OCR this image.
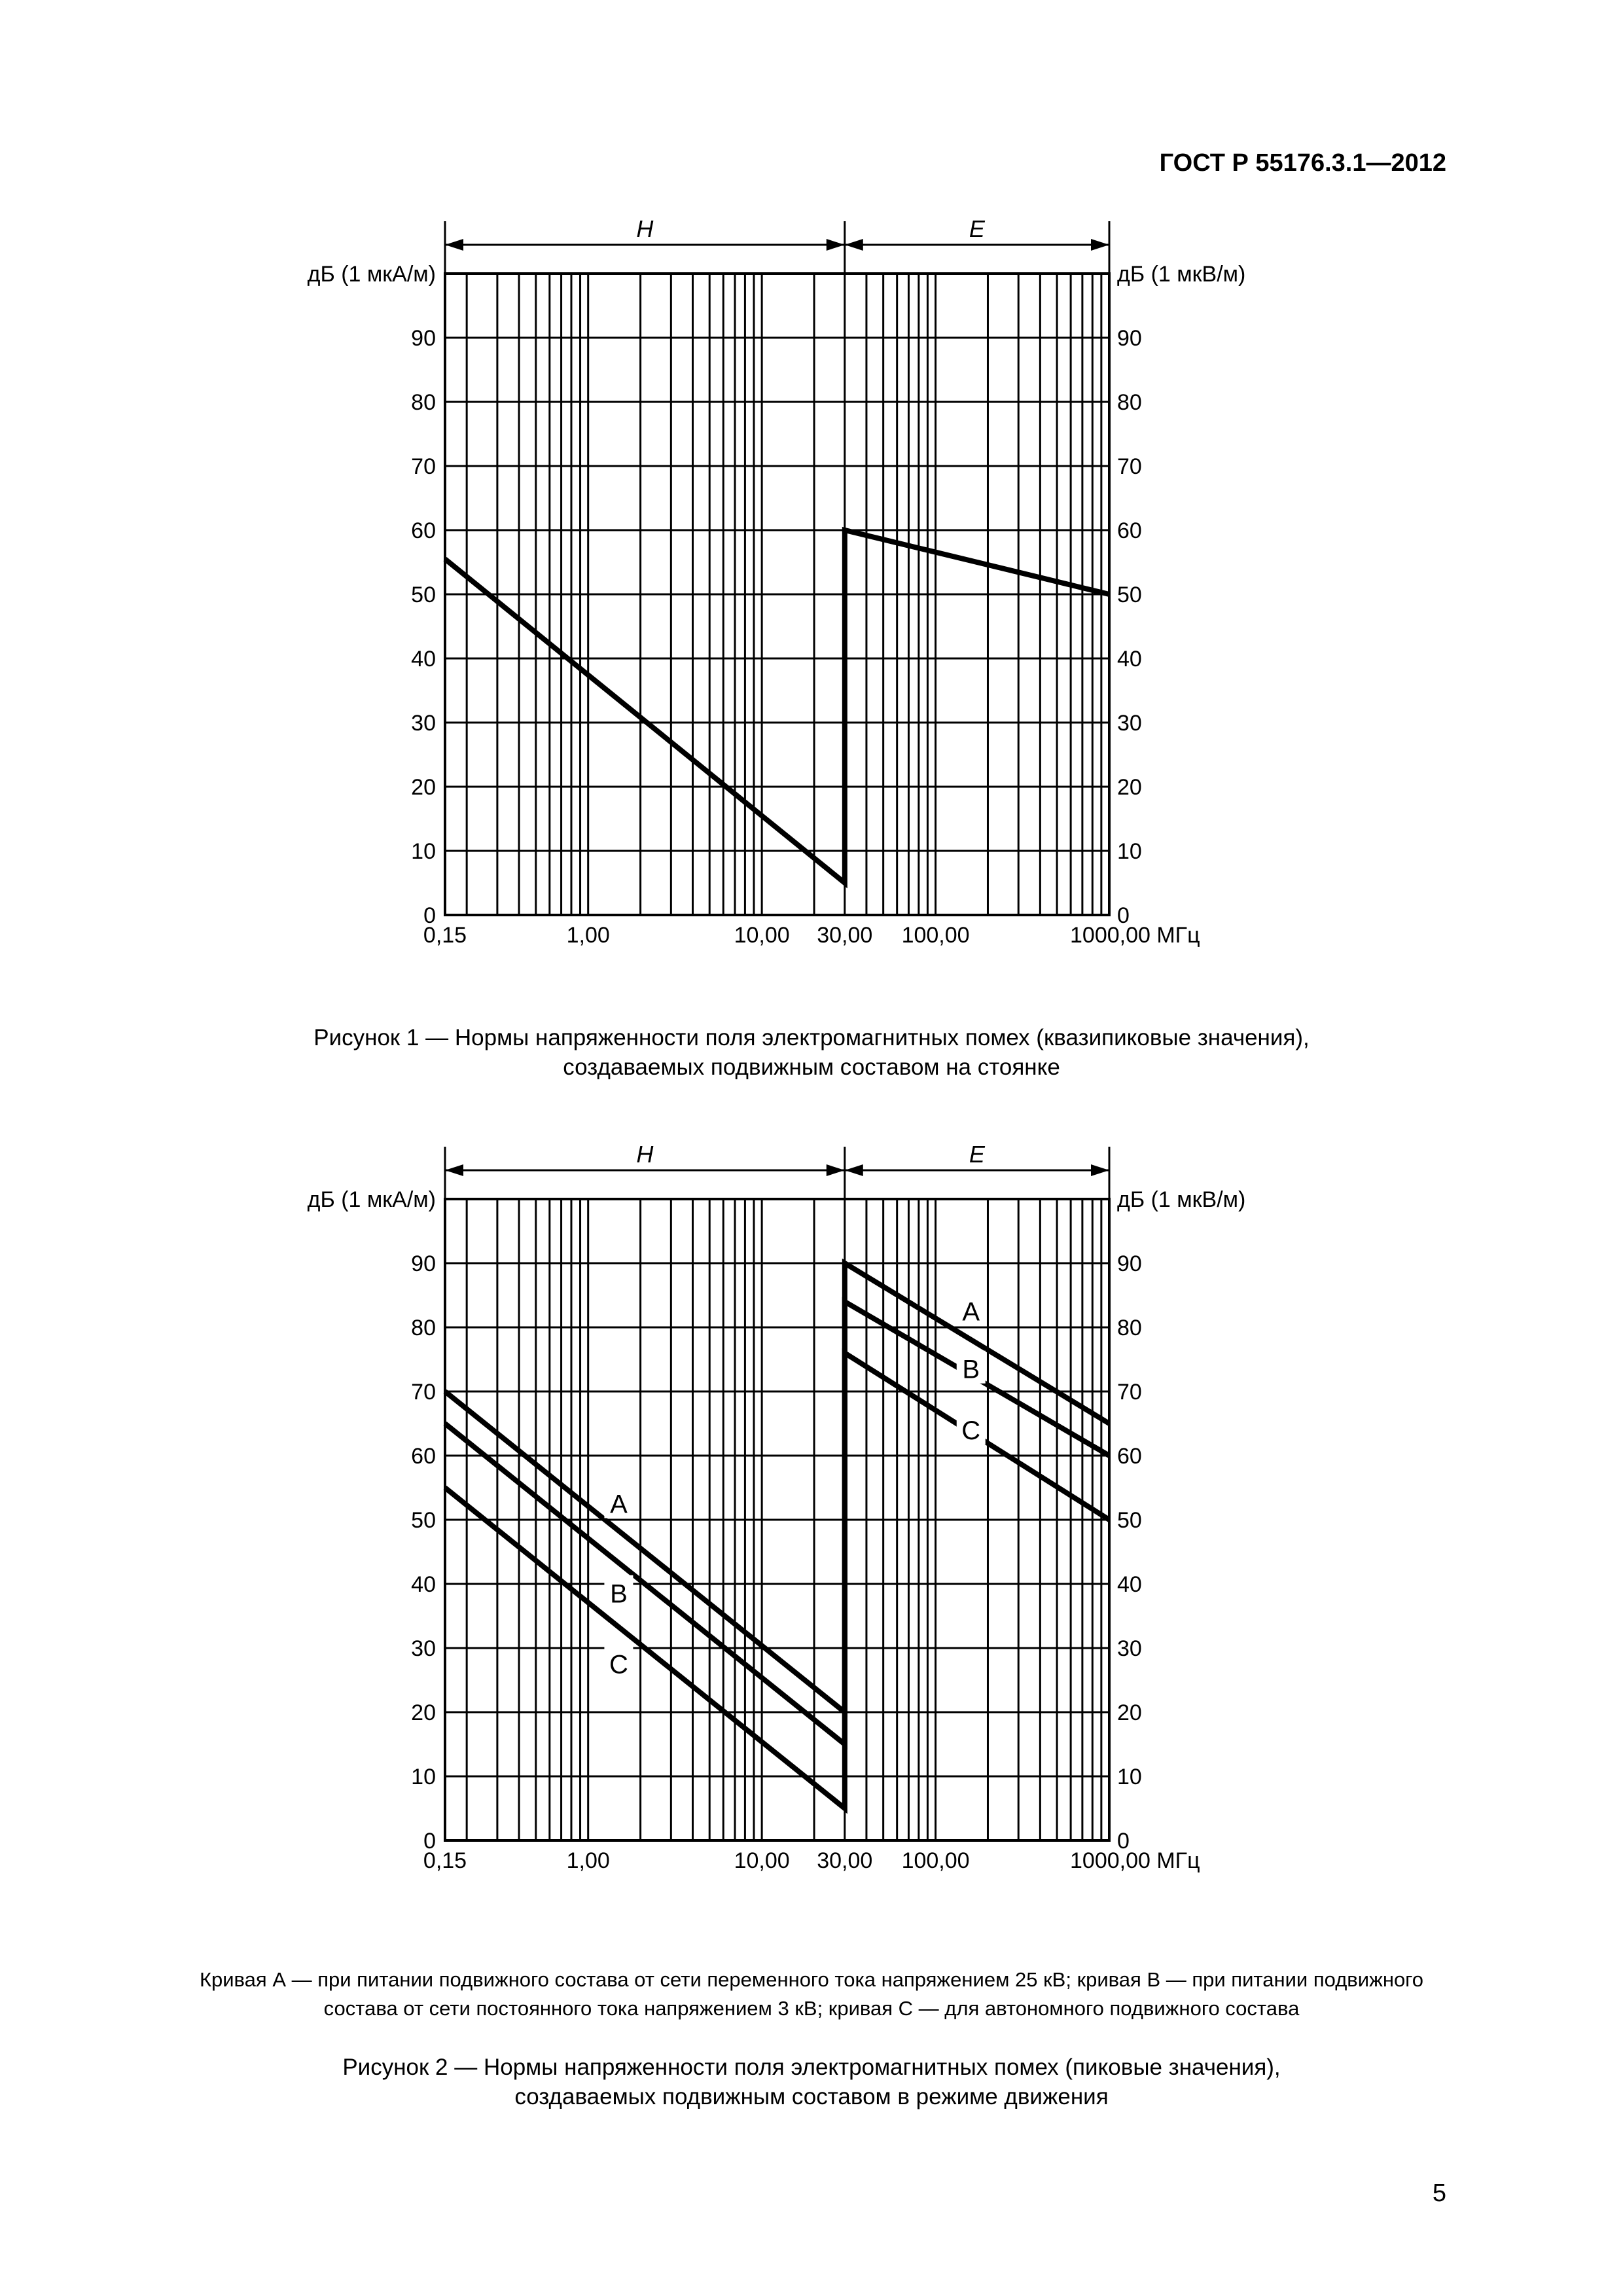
ГОСТ Р 55176.3.1—2012
H	E
дБ (1 мкА/м)	дБ (1 мкВ/м)
0	0
10	10
20	20
30	30
40	40
50	50
60	60
70	70
80	80
90	90
0,15	1,00	10,00 30,00 100,00	1000,00 МГц
Рисунок 1 — Нормы напряженности поля электромагнитных помех (квазипиковые значения),
создаваемых подвижным составом на стоянке
H	E
дБ (1 мкА/м)	дБ (1 мкВ/м)
0	0
10	10
20	20
30	30
40	40
50	50
60	60
70	70
80	80
90	90
0,15	1,00	10,00 30,00 100,00	1000,00 МГц
A
B
C
A
B
C
Кривая А — при питании подвижного состава от сети переменного тока напряжением 25 кВ; кривая В — при питании подвижного
состава от сети постоянного тока напряжением 3 кВ; кривая С — для автономного подвижного состава
Рисунок 2 — Нормы напряженности поля электромагнитных помех (пиковые значения),
создаваемых подвижным составом в режиме движения
5
